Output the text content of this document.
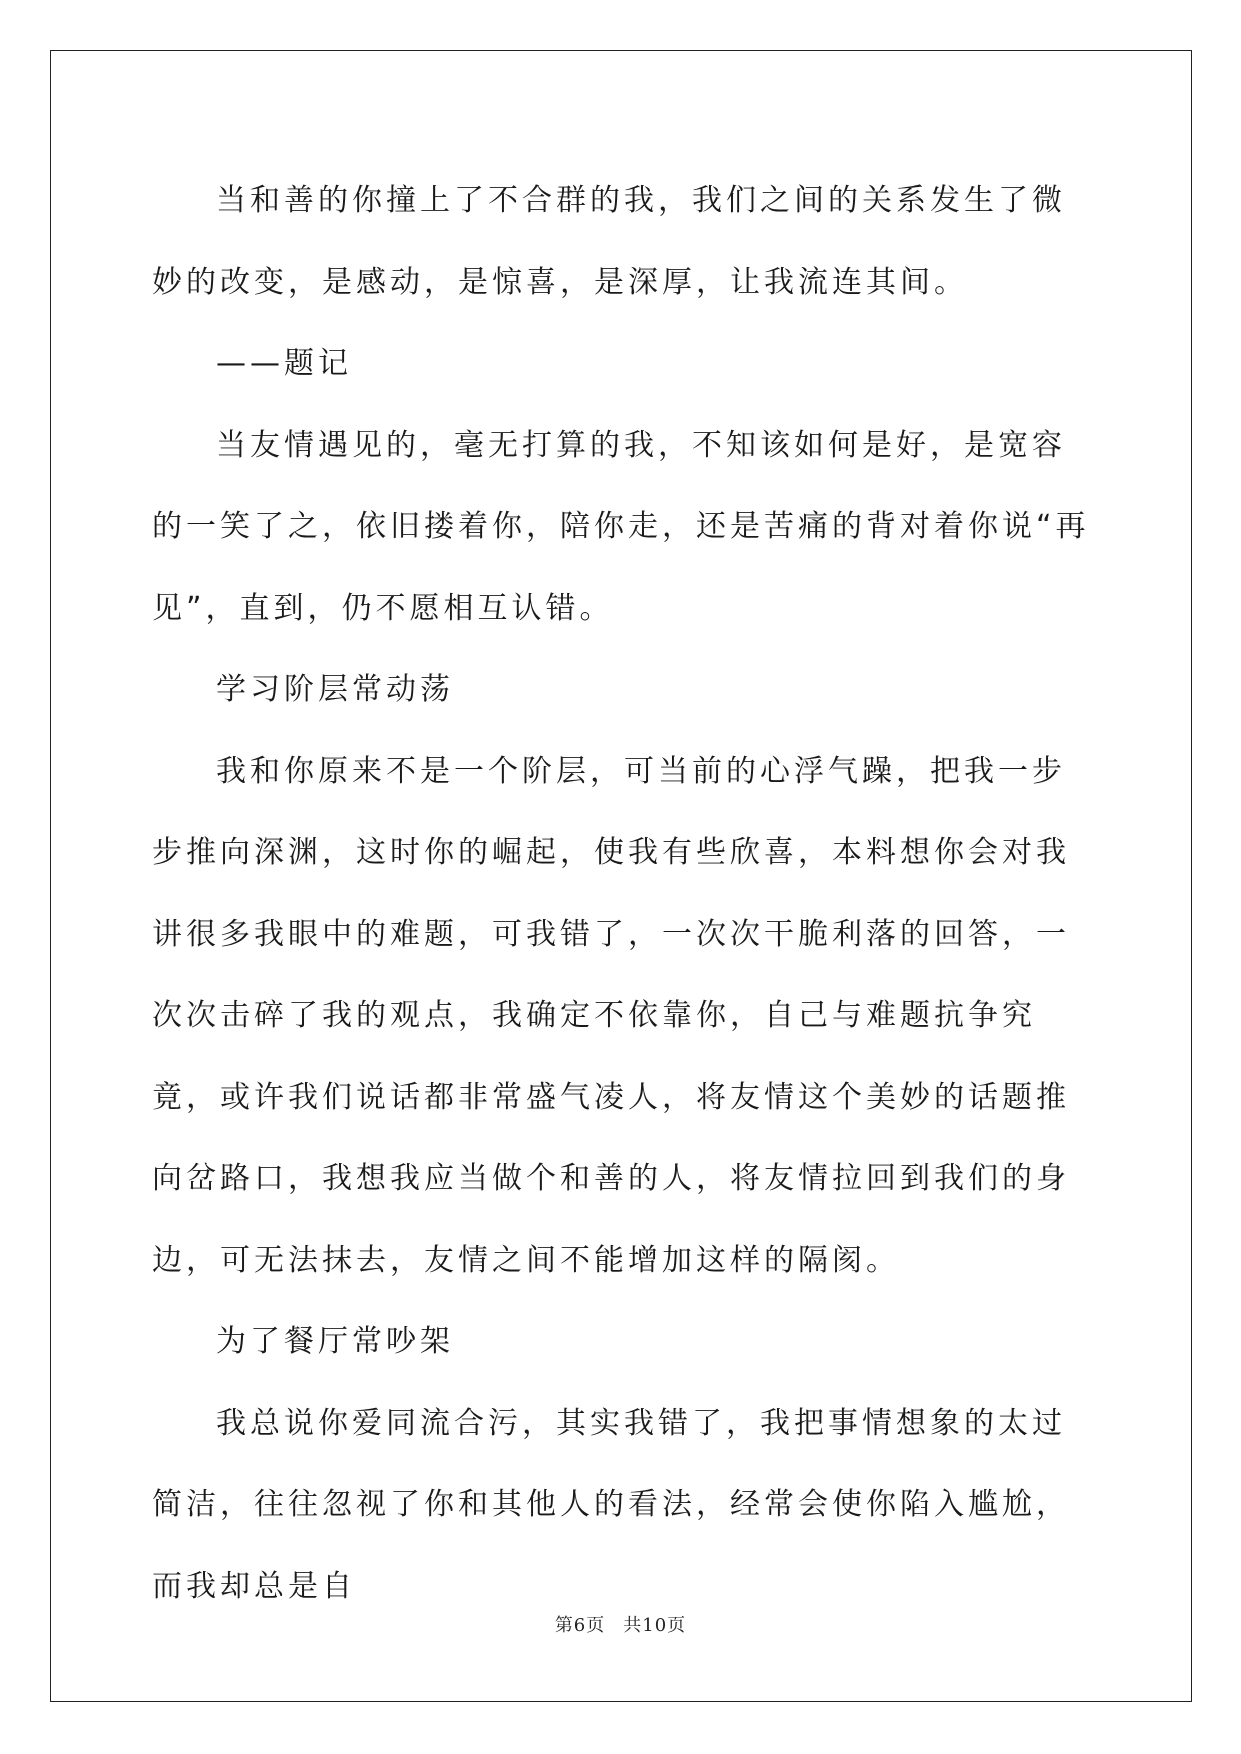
当和善的你撞上了不合群的我，我们之间的关系发生了微妙的改变，是感动，是惊喜，是深厚，让我流连其间。

——题记

当友情遇见的，毫无打算的我，不知该如何是好，是宽容的一笑了之，依旧搂着你，陪你走，还是苦痛的背对着你说“再见”，直到，仍不愿相互认错。

学习阶层常动荡

我和你原来不是一个阶层，可当前的心浮气躁，把我一步步推向深渊，这时你的崛起，使我有些欣喜，本料想你会对我讲很多我眼中的难题，可我错了，一次次干脆利落的回答，一次次击碎了我的观点，我确定不依靠你，自己与难题抗争究竟，或许我们说话都非常盛气凌人，将友情这个美妙的话题推向岔路口，我想我应当做个和善的人，将友情拉回到我们的身边，可无法抹去，友情之间不能增加这样的隔阂。

为了餐厅常吵架

我总说你爱同流合污，其实我错了，我把事情想象的太过简洁，往往忽视了你和其他人的看法，经常会使你陷入尴尬，而我却总是自

第6页 共10页
